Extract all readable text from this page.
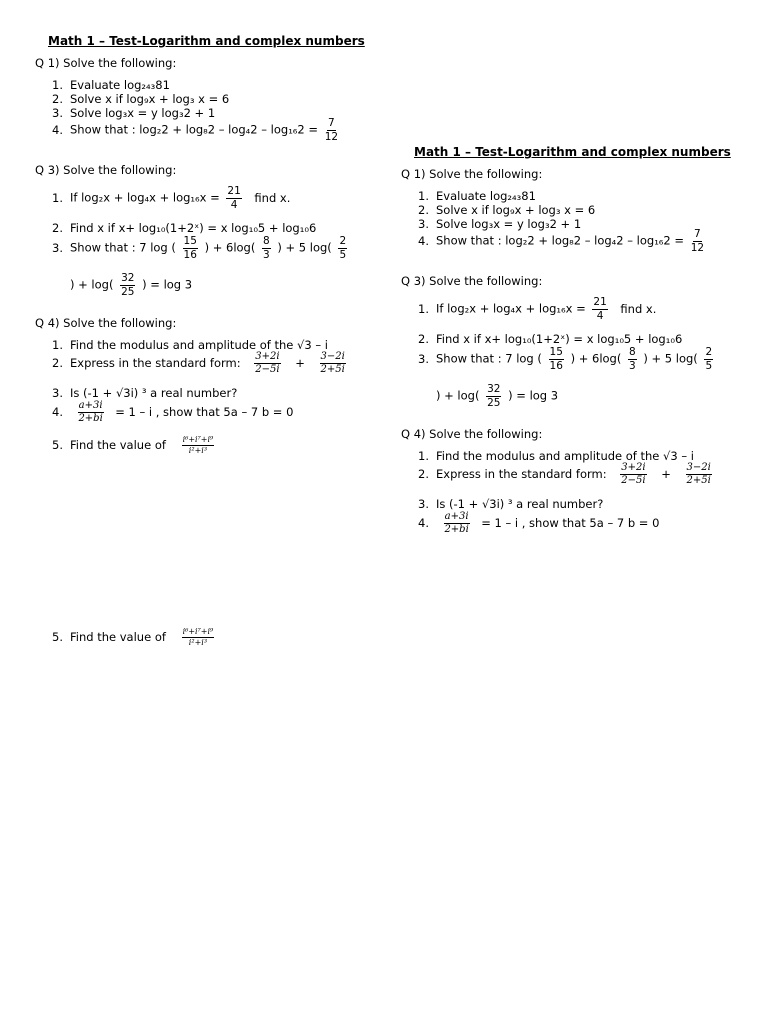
Math 1 – Test-Logarithm and complex numbers
Q 1) Solve the following:
1. Evaluate log₂₄₃81
2. Solve x if log₉x + log₃ x = 6
3. Solve log₃x = y log₃2 + 1
4. Show that : $\log_22 + \log_82 - \log_42 - \log_{16}2 = \frac{7}{12}$
Q 3) Solve the following:
1. If $\log_2x + \log_4x + \log_{16}x = \frac{21}{4}$ find x.
2. Find x if x+ log₁₀(1+2ˣ) = x log₁₀5 + log₁₀6
3. Show that : 7 log ( $\frac{15}{16}$ ) + $6\log( \frac{8}{3}$ ) + 5 $\log( \frac{2}{5}$
) + $\log( \frac{32}{25}$ ) = log 3
Q 4) Solve the following:
1. Find the modulus and amplitude of the √3 – i
2. Express in the standard form: $\frac{3+2i}{2-5i} + \frac{3-2i}{2+5i}$
3. Is (-1 + √3i) ³ a real number?
4. $\frac{a+3i}{2+bi} = 1 - i$ , show that 5a – 7 b = 0
5. Find the value of $\frac{\text{i⁶+i⁷+i⁹}}{\text{i²+i³}}$
5. Find the value of $\frac{\text{i⁶+i⁷+i⁹}}{\text{i²+i³}}$
Math 1 – Test-Logarithm and complex numbers
Q 1) Solve the following:
1. Evaluate log₂₄₃81
2. Solve x if log₉x + log₃ x = 6
3. Solve log₃x = y log₃2 + 1
4. Show that : $\log_22 + \log_82 - \log_42 - \log_{16}2 = \frac{7}{12}$
Q 3) Solve the following:
1. If $\log_2x + \log_4x + \log_{16}x = \frac{21}{4}$ find x.
2. Find x if x+ log₁₀(1+2ˣ) = x log₁₀5 + log₁₀6
3. Show that : 7 log ( $\frac{15}{16}$ ) + $6\log( \frac{8}{3}$ ) + 5 $\log( \frac{2}{5}$
) + $\log( \frac{32}{25}$ ) = log 3
Q 4) Solve the following:
1. Find the modulus and amplitude of the √3 – i
2. Express in the standard form: $\frac{3+2i}{2-5i} + \frac{3-2i}{2+5i}$
3. Is (-1 + √3i) ³ a real number?
4. $\frac{a+3i}{2+bi} = 1 - i$ , show that 5a – 7 b = 0
